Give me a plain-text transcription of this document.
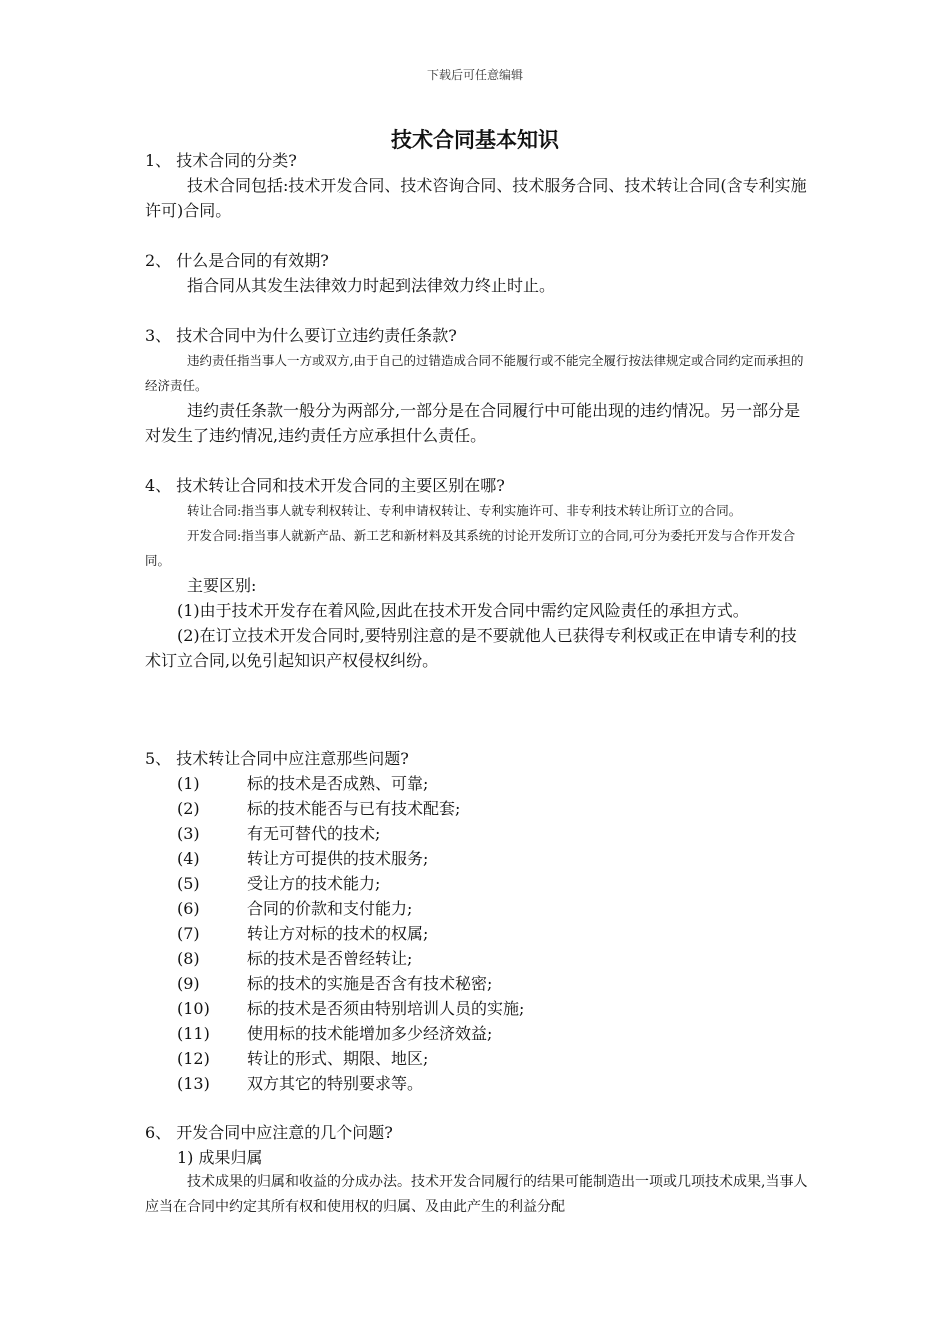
下载后可任意编辑
技术合同基本知识
1、 技术合同的分类?
技术合同包括:技术开发合同、技术咨询合同、技术服务合同、技术转让合同(含专利实施许可)合同。
2、 什么是合同的有效期?
指合同从其发生法律效力时起到法律效力终止时止。
3、 技术合同中为什么要订立违约责任条款?
违约责任指当事人一方或双方,由于自己的过错造成合同不能履行或不能完全履行按法律规定或合同约定而承担的经济责任。
违约责任条款一般分为两部分,一部分是在合同履行中可能出现的违约情况。另一部分是对发生了违约情况,违约责任方应承担什么责任。
4、 技术转让合同和技术开发合同的主要区别在哪?
转让合同:指当事人就专利权转让、专利申请权转让、专利实施许可、非专利技术转让所订立的合同。
开发合同:指当事人就新产品、新工艺和新材料及其系统的讨论开发所订立的合同,可分为委托开发与合作开发合同。
主要区别:
(1)由于技术开发存在着风险,因此在技术开发合同中需约定风险责任的承担方式。
(2)在订立技术开发合同时,要特别注意的是不要就他人已获得专利权或正在申请专利的技术订立合同,以免引起知识产权侵权纠纷。
5、 技术转让合同中应注意那些问题?
(1)	标的技术是否成熟、可靠;
(2)	标的技术能否与已有技术配套;
(3)	有无可替代的技术;
(4)	转让方可提供的技术服务;
(5)	受让方的技术能力;
(6)	合同的价款和支付能力;
(7)	转让方对标的技术的权属;
(8)	标的技术是否曾经转让;
(9)	标的技术的实施是否含有技术秘密;
(10) 标的技术是否须由特别培训人员的实施;
(11) 使用标的技术能增加多少经济效益;
(12) 转让的形式、期限、地区;
(13) 双方其它的特别要求等。
6、 开发合同中应注意的几个问题?
1) 成果归属
技术成果的归属和收益的分成办法。技术开发合同履行的结果可能制造出一项或几项技术成果,当事人应当在合同中约定其所有权和使用权的归属、及由此产生的利益分配
